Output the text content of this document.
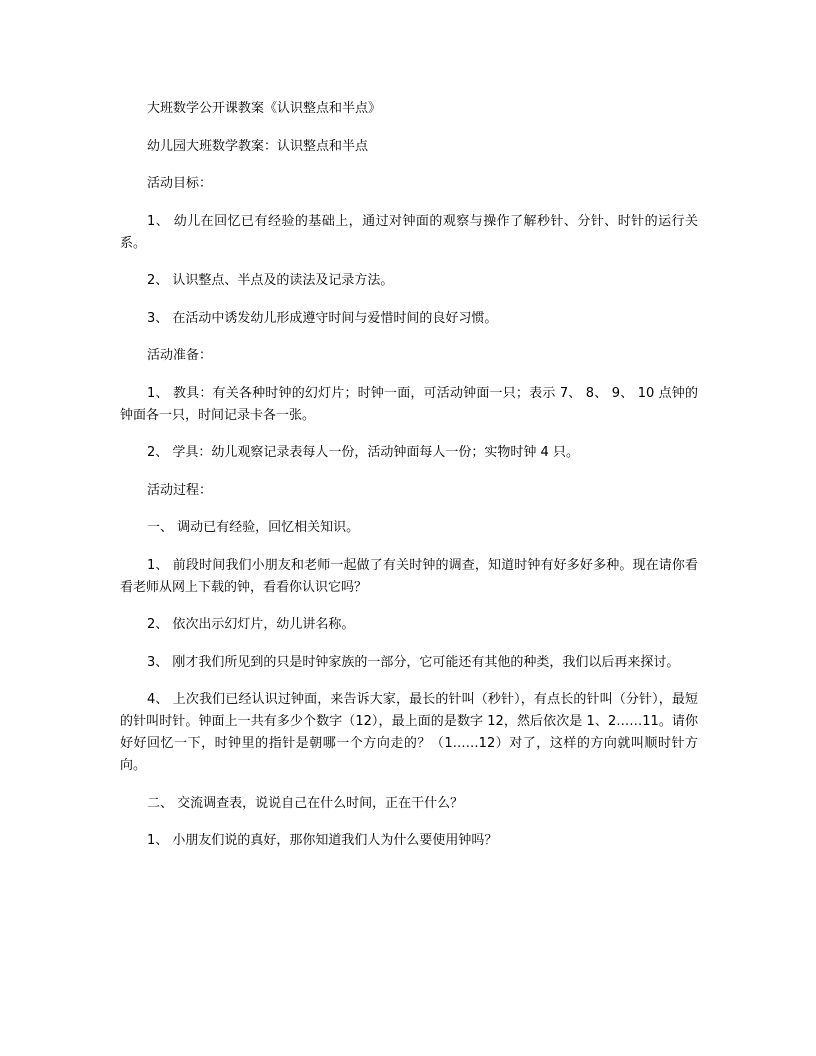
大班数学公开课教案《认识整点和半点》

幼儿园大班数学教案：认识整点和半点

活动目标：

1、 幼儿在回忆已有经验的基础上，通过对钟面的观察与操作了解秒针、分针、时针的运行关系。

2、 认识整点、半点及的读法及记录方法。

3、 在活动中诱发幼儿形成遵守时间与爱惜时间的良好习惯。

活动准备：

1、 教具：有关各种时钟的幻灯片；时钟一面，可活动钟面一只；表示 7、 8、 9、 10 点钟的钟面各一只，时间记录卡各一张。

2、 学具：幼儿观察记录表每人一份，活动钟面每人一份；实物时钟 4 只。

活动过程：

一、 调动已有经验，回忆相关知识。

1、 前段时间我们小朋友和老师一起做了有关时钟的调查，知道时钟有好多好多种。现在请你看看老师从网上下载的钟，看看你认识它吗？

2、 依次出示幻灯片，幼儿讲名称。

3、 刚才我们所见到的只是时钟家族的一部分，它可能还有其他的种类，我们以后再来探讨。

4、 上次我们已经认识过钟面，来告诉大家，最长的针叫（秒针），有点长的针叫（分针），最短的针叫时针。钟面上一共有多少个数字（12），最上面的是数字 12，然后依次是 1、2……11。请你好好回忆一下，时钟里的指针是朝哪一个方向走的？（1……12）对了，这样的方向就叫顺时针方向。

二、 交流调查表，说说自己在什么时间，正在干什么？

1、 小朋友们说的真好，那你知道我们人为什么要使用钟吗？
